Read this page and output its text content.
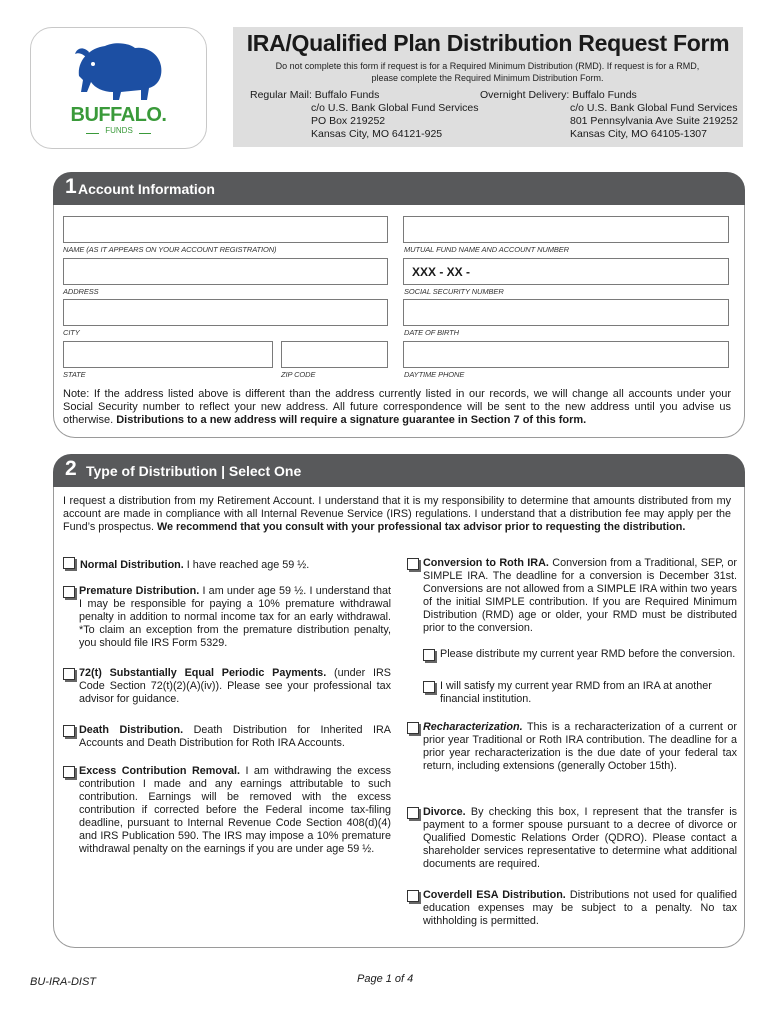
BUFFALO.
FUNDS
IRA/Qualified Plan Distribution Request Form
Do not complete this form if request is for a Required Minimum Distribution (RMD). If request is for a RMD,
please complete the Required Minimum Distribution Form.
Regular Mail: Buffalo Funds
c/o U.S. Bank Global Fund Services
PO Box 219252
Kansas City, MO 64121-925
Overnight Delivery: Buffalo Funds
c/o U.S. Bank Global Fund Services
801 Pennsylvania Ave Suite 219252
Kansas City, MO 64105-1307
1 Account Information
NAME (AS IT APPEARS ON YOUR ACCOUNT REGISTRATION)	MUTUAL FUND NAME AND ACCOUNT NUMBER
ADDRESS
XXX - XX -
SOCIAL SECURITY NUMBER
CITY	DATE OF BIRTH
STATE	ZIP CODE	DAYTIME PHONE
Note: If the address listed above is different than the address currently listed in our records, we will change all accounts under your Social Security number to reflect your new address. All future correspondence will be sent to the new address until you advise us otherwise. Distributions to a new address will require a signature guarantee in Section 7 of this form.
2 Type of Distribution | Select One
I request a distribution from my Retirement Account. I understand that it is my responsibility to determine that amounts distributed from my account are made in compliance with all Internal Revenue Service (IRS) regulations. I understand that a distribution fee may apply per the Fund’s prospectus. We recommend that you consult with your professional tax advisor prior to requesting the distribution.
Normal Distribution. I have reached age 59 ½.
Premature Distribution. I am under age 59 ½. I understand that I may be responsible for paying a 10% premature withdrawal penalty in addition to normal income tax for an early withdrawal. *To claim an exception from the premature distribution penalty, you should file IRS Form 5329.
72(t) Substantially Equal Periodic Payments. (under IRS Code Section 72(t)(2)(A)(iv)). Please see your professional tax advisor for guidance.
Death Distribution. Death Distribution for Inherited IRA Accounts and Death Distribution for Roth IRA Accounts.
Excess Contribution Removal. I am withdrawing the excess contribution I made and any earnings attributable to such contribution. Earnings will be removed with the excess contribution if corrected before the Federal income tax-filing deadline, pursuant to Internal Revenue Code Section 408(d)(4) and IRS Publication 590. The IRS may impose a 10% premature withdrawal penalty on the earnings if you are under age 59 ½.
Conversion to Roth IRA. Conversion from a Traditional, SEP, or SIMPLE IRA. The deadline for a conversion is December 31st. Conversions are not allowed from a SIMPLE IRA within two years of the initial SIMPLE contribution. If you are Required Minimum Distribution (RMD) age or older, your RMD must be distributed prior to the conversion.
Please distribute my current year RMD before the conversion.
I will satisfy my current year RMD from an IRA at another financial institution.
Recharacterization. This is a recharacterization of a current or prior year Traditional or Roth IRA contribution. The deadline for a prior year recharacterization is the due date of your federal tax return, including extensions (generally October 15th).
Divorce. By checking this box, I represent that the transfer is payment to a former spouse pursuant to a decree of divorce or Qualified Domestic Relations Order (QDRO). Please contact a shareholder services representative to determine what additional documents are required.
Coverdell ESA Distribution. Distributions not used for qualified education expenses may be subject to a penalty. No tax withholding is permitted.
BU-IRA-DIST	Page 1 of 4
